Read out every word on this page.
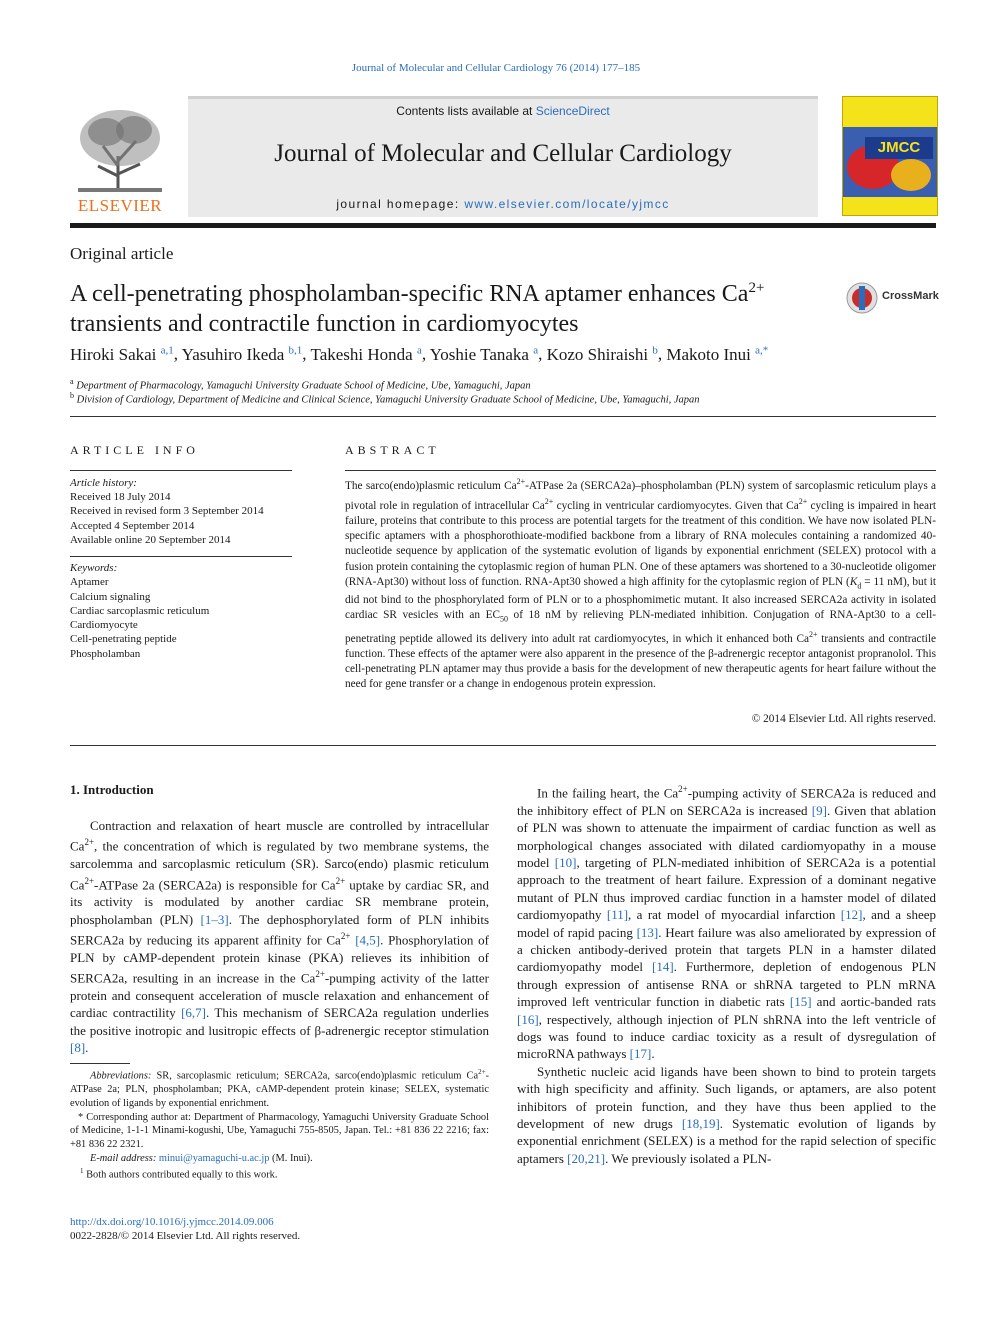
Journal of Molecular and Cellular Cardiology 76 (2014) 177–185
ELSEVIER
Contents lists available at ScienceDirect
Journal of Molecular and Cellular Cardiology
journal homepage: www.elsevier.com/locate/yjmcc
JMCC
Original article
A cell-penetrating phospholamban-specific RNA aptamer enhances $Ca^{2+}$
transients and contractile function in cardiomyocytes
CrossMark
Hiroki Sakai $^{a,1}$, Yasuhiro Ikeda $^{b,1}$, Takeshi Honda $^a$, Yoshie Tanaka $^a$, Kozo Shiraishi $^b$, Makoto Inui $^{a,*}$
$^a$ Department of Pharmacology, Yamaguchi University Graduate School of Medicine, Ube, Yamaguchi, Japan
$^b$ Division of Cardiology, Department of Medicine and Clinical Science, Yamaguchi University Graduate School of Medicine, Ube, Yamaguchi, Japan
ARTICLE INFO
Article history:
Received 18 July 2014
Received in revised form 3 September 2014
Accepted 4 September 2014
Available online 20 September 2014
Keywords:
Aptamer
Calcium signaling
Cardiac sarcoplasmic reticulum
Cardiomyocyte
Cell-penetrating peptide
Phospholamban
ABSTRACT
The sarco(endo)plasmic reticulum $Ca^{2+}$-ATPase 2a (SERCA2a)–phospholamban (PLN) system of sarcoplasmic reticulum plays a pivotal role in regulation of intracellular $Ca^{2+}$ cycling in ventricular cardiomyocytes. Given that $Ca^{2+}$ cycling is impaired in heart failure, proteins that contribute to this process are potential targets for the treatment of this condition. We have now isolated PLN-specific aptamers with a phosphorothioate-modified backbone from a library of RNA molecules containing a randomized 40-nucleotide sequence by application of the systematic evolution of ligands by exponential enrichment (SELEX) protocol with a fusion protein containing the cytoplasmic region of human PLN. One of these aptamers was shortened to a 30-nucleotide oligomer (RNA-Apt30) without loss of function. RNA-Apt30 showed a high affinity for the cytoplasmic region of PLN ($K_d = 11$ nM), but it did not bind to the phosphorylated form of PLN or to a phosphomimetic mutant. It also increased SERCA2a activity in isolated cardiac SR vesicles with an $EC_{50}$ of 18 nM by relieving PLN-mediated inhibition. Conjugation of RNA-Apt30 to a cell-penetrating peptide allowed its delivery into adult rat cardiomyocytes, in which it enhanced both $Ca^{2+}$ transients and contractile function. These effects of the aptamer were also apparent in the presence of the β-adrenergic receptor antagonist propranolol. This cell-penetrating PLN aptamer may thus provide a basis for the development of new therapeutic agents for heart failure without the need for gene transfer or a change in endogenous protein expression.
© 2014 Elsevier Ltd. All rights reserved.
1. Introduction

Contraction and relaxation of heart muscle are controlled by intracellular $Ca^{2+}$, the concentration of which is regulated by two membrane systems, the sarcolemma and sarcoplasmic reticulum (SR). Sarco(endo) plasmic reticulum $Ca^{2+}$-ATPase 2a (SERCA2a) is responsible for $Ca^{2+}$ uptake by cardiac SR, and its activity is modulated by another cardiac SR membrane protein, phospholamban (PLN) [1–3]. The dephosphorylated form of PLN inhibits SERCA2a by reducing its apparent affinity for $Ca^{2+}$ [4,5]. Phosphorylation of PLN by cAMP-dependent protein kinase (PKA) relieves its inhibition of SERCA2a, resulting in an increase in the $Ca^{2+}$-pumping activity of the latter protein and consequent acceleration of muscle relaxation and enhancement of cardiac contractility [6,7]. This mechanism of SERCA2a regulation underlies the positive inotropic and lusitropic effects of β-adrenergic receptor stimulation [8].

In the failing heart, the $Ca^{2+}$-pumping activity of SERCA2a is reduced and the inhibitory effect of PLN on SERCA2a is increased [9]. Given that ablation of PLN was shown to attenuate the impairment of cardiac function as well as morphological changes associated with dilated cardiomyopathy in a mouse model [10], targeting of PLN-mediated inhibition of SERCA2a is a potential approach to the treatment of heart failure. Expression of a dominant negative mutant of PLN thus improved cardiac function in a hamster model of dilated cardiomyopathy [11], a rat model of myocardial infarction [12], and a sheep model of rapid pacing [13]. Heart failure was also ameliorated by expression of a chicken antibody-derived protein that targets PLN in a hamster dilated cardiomyopathy model [14]. Furthermore, depletion of endogenous PLN through expression of antisense RNA or shRNA targeted to PLN mRNA improved left ventricular function in diabetic rats [15] and aortic-banded rats [16], respectively, although injection of PLN shRNA into the left ventricle of dogs was found to induce cardiac toxicity as a result of dysregulation of microRNA pathways [17].

Synthetic nucleic acid ligands have been shown to bind to protein targets with high specificity and affinity. Such ligands, or aptamers, are also potent inhibitors of protein function, and they have thus been applied to the development of new drugs [18,19]. Systematic evolution of ligands by exponential enrichment (SELEX) is a method for the rapid selection of specific aptamers [20,21]. We previously isolated a PLN-

Abbreviations: SR, sarcoplasmic reticulum; SERCA2a, sarco(endo)plasmic reticulum $Ca^{2+}$-ATPase 2a; PLN, phospholamban; PKA, cAMP-dependent protein kinase; SELEX, systematic evolution of ligands by exponential enrichment.

* Corresponding author at: Department of Pharmacology, Yamaguchi University Graduate School of Medicine, 1-1-1 Minami-kogushi, Ube, Yamaguchi 755-8505, Japan. Tel.: +81 836 22 2216; fax: +81 836 22 2321.

E-mail address: minui@yamaguchi-u.ac.jp (M. Inui).

$^1$ Both authors contributed equally to this work.

http://dx.doi.org/10.1016/j.yjmcc.2014.09.006
0022-2828/© 2014 Elsevier Ltd. All rights reserved.
